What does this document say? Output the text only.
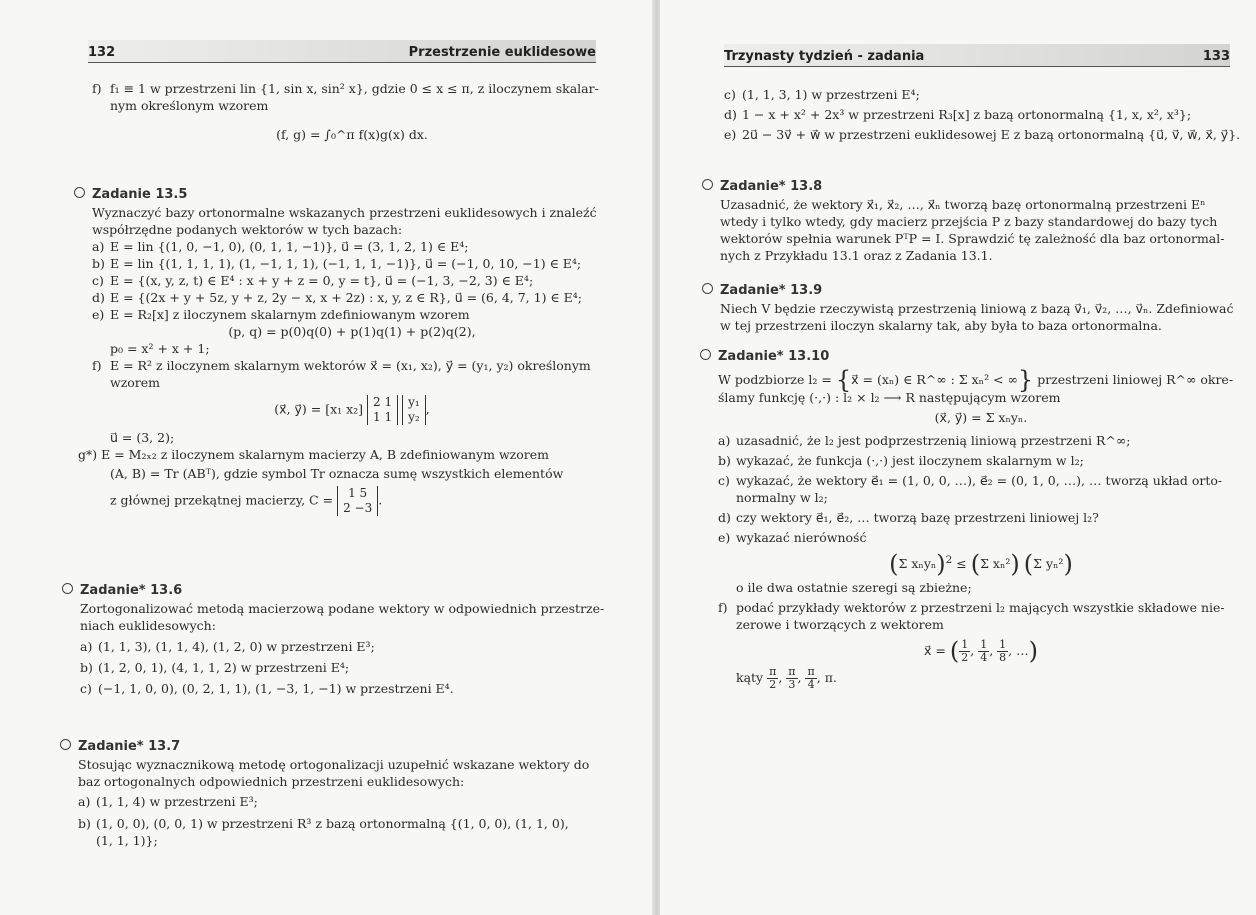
132	Przestrzenie euklidesowe

f) f₁ ≡ 1 w przestrzeni lin {1, sin x, sin² x}, gdzie 0 ≤ x ≤ π, z iloczynem skalar-

nym określonym wzorem

(f, g) = ∫₀^π f(x)g(x) dx.

Zadanie 13.5

Wyznaczyć bazy ortonormalne wskazanych przestrzeni euklidesowych i znaleźć

współrzędne podanych wektorów w tych bazach:

a) E = lin {(1, 0, −1, 0), (0, 1, 1, −1)}, u⃗ = (3, 1, 2, 1) ∈ E⁴;

b) E = lin {(1, 1, 1, 1), (1, −1, 1, 1), (−1, 1, 1, −1)}, u⃗ = (−1, 0, 10, −1) ∈ E⁴;

c) E = {(x, y, z, t) ∈ E⁴ : x + y + z = 0, y = t}, u⃗ = (−1, 3, −2, 3) ∈ E⁴;

d) E = {(2x + y + 5z, y + z, 2y − x, x + 2z) : x, y, z ∈ R}, u⃗ = (6, 4, 7, 1) ∈ E⁴;

e) E = R₂[x] z iloczynem skalarnym zdefiniowanym wzorem

(p, q) = p(0)q(0) + p(1)q(1) + p(2)q(2),

p₀ = x² + x + 1;

f) E = R² z iloczynem skalarnym wektorów x⃗ = (x₁, x₂), y⃗ = (y₁, y₂) określonym

wzorem

(x⃗, y⃗) = [x₁ x₂] 2 1
1 1 y₁
y₂,

u⃗ = (3, 2);

g*) E = M₂ₓ₂ z iloczynem skalarnym macierzy A, B zdefiniowanym wzorem

(A, B) = Tr (ABᵀ), gdzie symbol Tr oznacza sumę wszystkich elementów

z głównej przekątnej macierzy, C = 1 5
2 −3.

Zadanie* 13.6

Zortogonalizować metodą macierzową podane wektory w odpowiednich przestrze-

niach euklidesowych:

a) (1, 1, 3), (1, 1, 4), (1, 2, 0) w przestrzeni E³;

b) (1, 2, 0, 1), (4, 1, 1, 2) w przestrzeni E⁴;

c) (−1, 1, 0, 0), (0, 2, 1, 1), (1, −3, 1, −1) w przestrzeni E⁴.

Zadanie* 13.7

Stosując wyznacznikową metodę ortogonalizacji uzupełnić wskazane wektory do

baz ortogonalnych odpowiednich przestrzeni euklidesowych:

a) (1, 1, 4) w przestrzeni E³;

b) (1, 0, 0), (0, 0, 1) w przestrzeni R³ z bazą ortonormalną {(1, 0, 0), (1, 1, 0),

(1, 1, 1)};

Trzynasty tydzień - zadania	133

c) (1, 1, 3, 1) w przestrzeni E⁴;

d) 1 − x + x² + 2x³ w przestrzeni R₃[x] z bazą ortonormalną {1, x, x², x³};

e) 2u⃗ − 3v⃗ + w⃗ w przestrzeni euklidesowej E z bazą ortonormalną {u⃗, v⃗, w⃗, x⃗, y⃗}.

Zadanie* 13.8

Uzasadnić, że wektory x⃗₁, x⃗₂, …, x⃗ₙ tworzą bazę ortonormalną przestrzeni Eⁿ

wtedy i tylko wtedy, gdy macierz przejścia P z bazy standardowej do bazy tych

wektorów spełnia warunek PᵀP = I. Sprawdzić tę zależność dla baz ortonormal-

nych z Przykładu 13.1 oraz z Zadania 13.1.

Zadanie* 13.9

Niech V będzie rzeczywistą przestrzenią liniową z bazą v⃗₁, v⃗₂, …, v⃗ₙ. Zdefiniować

w tej przestrzeni iloczyn skalarny tak, aby była to baza ortonormalna.

Zadanie* 13.10

W podzbiorze l₂ = {x⃗ = (xₙ) ∈ R^∞ : Σ xₙ² < ∞} przestrzeni liniowej R^∞ okre-

ślamy funkcję (·,·) : l₂ × l₂ ⟶ R następującym wzorem

(x⃗, y⃗) = Σ xₙyₙ.

a) uzasadnić, że l₂ jest podprzestrzenią liniową przestrzeni R^∞;

b) wykazać, że funkcja (·,·) jest iloczynem skalarnym w l₂;

c) wykazać, że wektory e⃗₁ = (1, 0, 0, …), e⃗₂ = (0, 1, 0, …), … tworzą układ orto-

normalny w l₂;

d) czy wektory e⃗₁, e⃗₂, … tworzą bazę przestrzeni liniowej l₂?

e) wykazać nierówność

(Σ xₙyₙ)$^2$ ≤ (Σ xₙ²) (Σ yₙ²)

o ile dwa ostatnie szeregi są zbieżne;

f) podać przykłady wektorów z przestrzeni l₂ mających wszystkie składowe nie-

zerowe i tworzących z wektorem

x⃗ = ( $\frac{1}{2}$ , $\frac{1}{4}$ , $\frac{1}{8}$ , …)

kąty $\frac{\pi}{2}$ , $\frac{\pi}{3}$ , $\frac{\pi}{4}$ , π.
